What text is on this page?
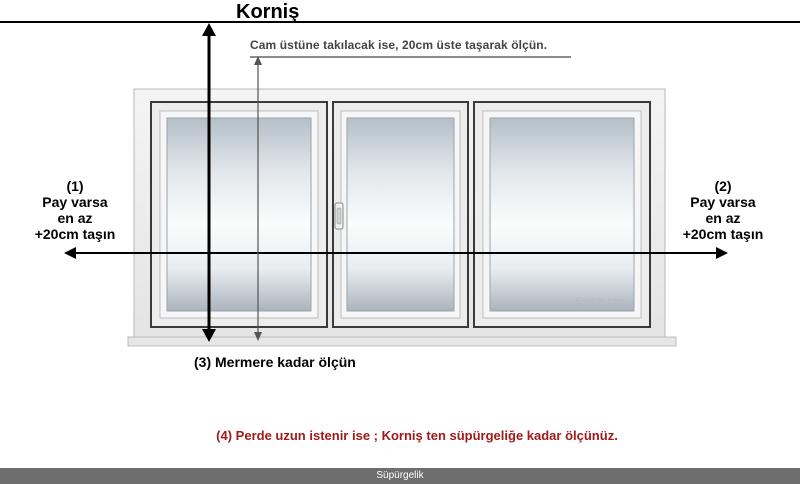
Korniş
Cam üstüne takılacak ise, 20cm üste taşarak ölçün.
(1)
Pay varsa
en az
+20cm taşın
(2)
Pay varsa
en az
+20cm taşın
Eperde.com
(3) Mermere kadar ölçün
(4) Perde uzun istenir ise ; Korniş ten süpürgeliğe kadar ölçünüz.
Süpürgelik
